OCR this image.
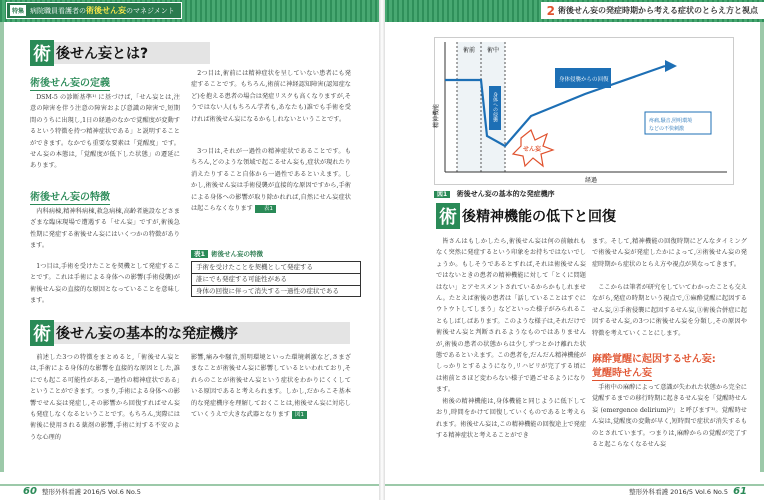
特集 病院職員看護者の 術後せん妄 のマネジメント
術 後せん妄とは?
術後せん妄の定義
DSM-5 の診断基準¹⁾ に基づけば,「せん妄とは,注意の障害を伴う注意の障害および意識の障害で,短期間のうちに出現し,1日の経過のなかで覚醒度が変動するという特徴を持つ精神症状である」と説明することができます。なかでも重要な要素は「覚醒度」です。せん妄の本態は,「覚醒度が低下した状態」の遷延にあります。
術後せん妄の特徴
内科病棟,精神科病棟,救急病棟,高齢者施設などさまざまな臨床現場で遭遇する「せん妄」ですが,術後急性期に発症する術後せん妄にはいくつかの特徴があります。
1つ目は,手術を受けたことを契機として発症することです。これは手術による身体への影響(手術侵襲)が術後せん妄の直接的な原因となっていることを意味します。
2つ目は,術前には精神症状を呈していない患者にも発症することです。もちろん,術前に神経認知障害(認知症など)を抱える患者の場合は発症リスクも高くなりますが,そうではない人(もちろん学者も,あなたも)誰でも手術を受ければ術後せん妄になるかもしれないということです。
3つ目は,それが一過性の精神症状であることです。もちろん,どのような領域で起こるせん妄も,症状が現れたり消えたりすること自体から一過性であるといえます。しかし,術後せん妄は手術侵襲が直接的な原因ですから,手術による身体への影響が取り除かれれば,自然にせん妄症状は起こらなくなります 表1
表1 術後せん妄の特徴
手術を受けたことを契機として発症する
誰にでも発症する可能性がある
身体の回復に伴って消失する一過性の症状である
術 後せん妄の基本的な発症機序
前述した3つの特徴をまとめると,「術後せん妄とは,手術による身体的な影響を直接的な原因とした,誰にでも起こる可能性がある,一過性の精神症状である」ということができます。つまり,手術による身体への影響でせん妄は発症し,その影響から回復すればせん妄も発症しなくなるということです。もちろん,実際には術後に使用される薬剤の影響,手術に対する不安のような心理的
影響,痛みや騒音,照明環境といった環境刺激など,さまざまなことが術後せん妄に影響しているといわれており,それらのことが術後せん妄という症状をわかりにくくしている原因であると考えられます。しかし,だからこそ基本的な発症機序を理解しておくことは,術後せん妄に対応していくうえで大きな武器となります 図1
60 整形外科看護 2016/5 Vol.6 No.5
2 術後せん妄の発症時期から考える症状のとらえ方と視点
術前 術中
精神機能
経過
身体への侵襲
身体侵襲からの回復
疼痛,騒音,照明環境
などの不快刺激
せん妄
図1 術後せん妄の基本的な発症機序
術 後精神機能の低下と回復
皆さんはもしかしたら,術後せん妄は何の前触れもなく突然に発症するという印象をお持ちではないでしょうか。もしそうであるとすれば,それは術後せん妄ではないときの患者の精神機能に対して「とくに問題はない」とアセスメントされているからかもしれません。たとえば術後の患者は「話していることはすぐにウトウトしてしまう」などといった様子がみられることもしばしばあります。このような様子は,それだけで術後せん妄と判断されるようなものではありませんが,術後の患者の状態からは少しずつとかけ離れた状態であるといえます。この患者を,だんだん精神機能がしっかりとするようになり,リハビリが完了する頃には術前とさほど変わらない様子で過ごせるようになります。
術後の精神機能は,身体機能と同じように低下しており,時間をかけて回復していくものであると考えられます。術後せん妄は,この精神機能の回復途上で発症する精神症状と考えることができ
ます。そして,精神機能の回復時期にどんなタイミングで術後せん妄が発症したかによって,②術後せん妄の発症時期から症状のとらえ方や視点が異なってきます。
ここからは筆者が研究をしていてわかったことも交えながら,発症の時期という視点で,①麻酔覚醒に起因するせん妄,②手術侵襲に起因するせん妄,③術後合併症に起因するせん妄,の3つに術後せん妄を分類し,その原因や特徴を考えていくことにします。
麻酔覚醒に起因するせん妄:
覚醒時せん妄
手術中の麻酔によって意識が失われた状態から完全に覚醒するまでの移行時期に起きるせん妄を「覚醒時せん妄 (emergence delirium)²⁾」と呼びます³⁾。覚醒時せん妄は,覚醒度の変動が早く,短時間で症状が消失するものとされています。つまりは,麻酔からの覚醒が完了すると起こらなくなるせん妄
整形外科看護 2016/5 Vol.6 No.5 61
